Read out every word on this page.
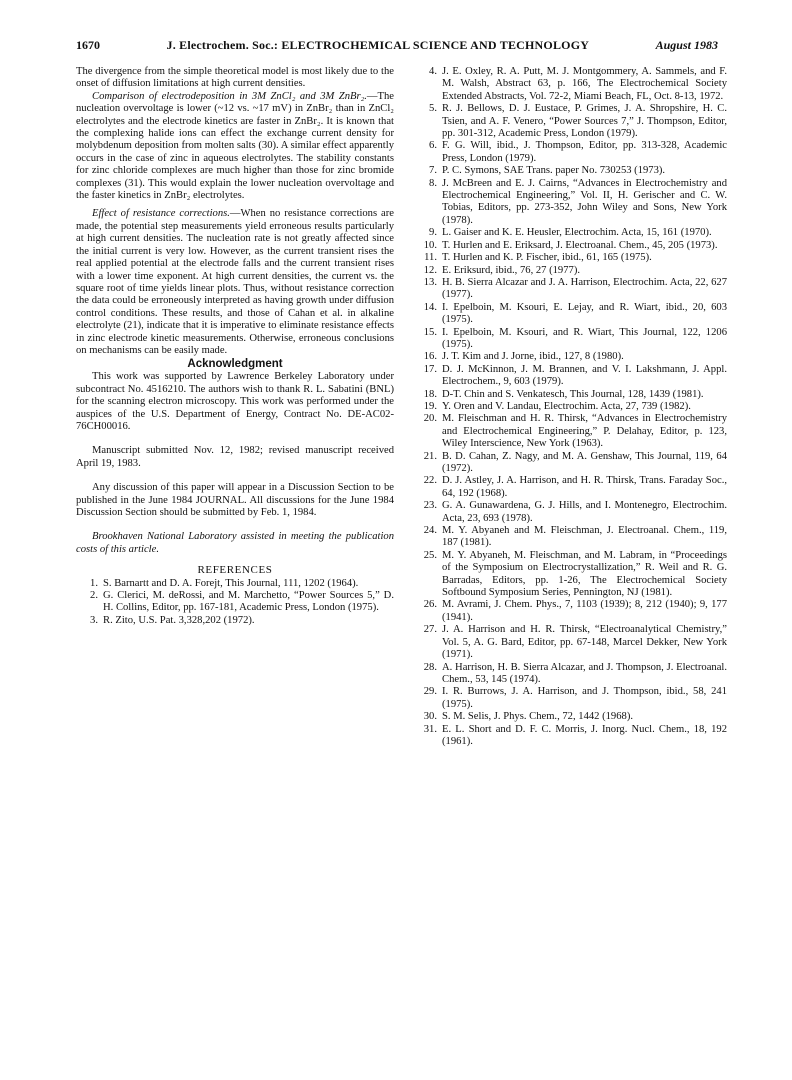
1670	J. Electrochem. Soc.: ELECTROCHEMICAL SCIENCE AND TECHNOLOGY	August 1983

The divergence from the simple theoretical model is most likely due to the onset of diffusion limitations at high current densities.

Comparison of electrodeposition in 3M ZnCl₂ and 3M ZnBr₂.—The nucleation overvoltage is lower (~12 vs. ~17 mV) in ZnBr₂ than in ZnCl₂ electrolytes and the electrode kinetics are faster in ZnBr₂. It is known that the complexing halide ions can effect the exchange current density for molybdenum deposition from molten salts (30). A similar effect apparently occurs in the case of zinc in aqueous electrolytes. The stability constants for zinc chloride complexes are much higher than those for zinc bromide complexes (31). This would explain the lower nucleation overvoltage and the faster kinetics in ZnBr₂ electrolytes.

Effect of resistance corrections.—When no resistance corrections are made, the potential step measurements yield erroneous results particularly at high current densities. The nucleation rate is not greatly affected since the initial current is very low. However, as the current transient rises the real applied potential at the electrode falls and the current transient rises with a lower time exponent. At high current densities, the current vs. the square root of time yields linear plots. Thus, without resistance correction the data could be erroneously interpreted as having growth under diffusion control conditions. These results, and those of Cahan et al. in alkaline electrolyte (21), indicate that it is imperative to eliminate resistance effects in zinc electrode kinetic measurements. Otherwise, erroneous conclusions on mechanisms can be easily made.

Acknowledgment

This work was supported by Lawrence Berkeley Laboratory under subcontract No. 4516210. The authors wish to thank R. L. Sabatini (BNL) for the scanning electron microscopy. This work was performed under the auspices of the U.S. Department of Energy, Contract No. DE-AC02-76CH00016.

Manuscript submitted Nov. 12, 1982; revised manuscript received April 19, 1983.

Any discussion of this paper will appear in a Discussion Section to be published in the June 1984 JOURNAL. All discussions for the June 1984 Discussion Section should be submitted by Feb. 1, 1984.

Brookhaven National Laboratory assisted in meeting the publication costs of this article.

REFERENCES
1. S. Barnartt and D. A. Forejt, This Journal, 111, 1202 (1964).
2. G. Clerici, M. deRossi, and M. Marchetto, “Power Sources 5,” D. H. Collins, Editor, pp. 167-181, Academic Press, London (1975).
3. R. Zito, U.S. Pat. 3,328,202 (1972).
4. J. E. Oxley, R. A. Putt, M. J. Montgommery, A. Sammels, and F. M. Walsh, Abstract 63, p. 166, The Electrochemical Society Extended Abstracts, Vol. 72-2, Miami Beach, FL, Oct. 8-13, 1972.
5. R. J. Bellows, D. J. Eustace, P. Grimes, J. A. Shropshire, H. C. Tsien, and A. F. Venero, “Power Sources 7,” J. Thompson, Editor, pp. 301-312, Academic Press, London (1979).
6. F. G. Will, ibid., J. Thompson, Editor, pp. 313-328, Academic Press, London (1979).
7. P. C. Symons, SAE Trans. paper No. 730253 (1973).
8. J. McBreen and E. J. Cairns, “Advances in Electrochemistry and Electrochemical Engineering,” Vol. II, H. Gerischer and C. W. Tobias, Editors, pp. 273-352, John Wiley and Sons, New York (1978).
9. L. Gaiser and K. E. Heusler, Electrochim. Acta, 15, 161 (1970).
10. T. Hurlen and E. Eriksard, J. Electroanal. Chem., 45, 205 (1973).
11. T. Hurlen and K. P. Fischer, ibid., 61, 165 (1975).
12. E. Eriksurd, ibid., 76, 27 (1977).
13. H. B. Sierra Alcazar and J. A. Harrison, Electrochim. Acta, 22, 627 (1977).
14. I. Epelboin, M. Ksouri, E. Lejay, and R. Wiart, ibid., 20, 603 (1975).
15. I. Epelboin, M. Ksouri, and R. Wiart, This Journal, 122, 1206 (1975).
16. J. T. Kim and J. Jorne, ibid., 127, 8 (1980).
17. D. J. McKinnon, J. M. Brannen, and V. I. Lakshmann, J. Appl. Electrochem., 9, 603 (1979).
18. D-T. Chin and S. Venkatesch, This Journal, 128, 1439 (1981).
19. Y. Oren and V. Landau, Electrochim. Acta, 27, 739 (1982).
20. M. Fleischman and H. R. Thirsk, “Advances in Electrochemistry and Electrochemical Engineering,” P. Delahay, Editor, p. 123, Wiley Interscience, New York (1963).
21. B. D. Cahan, Z. Nagy, and M. A. Genshaw, This Journal, 119, 64 (1972).
22. D. J. Astley, J. A. Harrison, and H. R. Thirsk, Trans. Faraday Soc., 64, 192 (1968).
23. G. A. Gunawardena, G. J. Hills, and I. Montenegro, Electrochim. Acta, 23, 693 (1978).
24. M. Y. Abyaneh and M. Fleischman, J. Electroanal. Chem., 119, 187 (1981).
25. M. Y. Abyaneh, M. Fleischman, and M. Labram, in “Proceedings of the Symposium on Electrocrystallization,” R. Weil and R. G. Barradas, Editors, pp. 1-26, The Electrochemical Society Softbound Symposium Series, Pennington, NJ (1981).
26. M. Avrami, J. Chem. Phys., 7, 1103 (1939); 8, 212 (1940); 9, 177 (1941).
27. J. A. Harrison and H. R. Thirsk, “Electroanalytical Chemistry,” Vol. 5, A. G. Bard, Editor, pp. 67-148, Marcel Dekker, New York (1971).
28. A. Harrison, H. B. Sierra Alcazar, and J. Thompson, J. Electroanal. Chem., 53, 145 (1974).
29. I. R. Burrows, J. A. Harrison, and J. Thompson, ibid., 58, 241 (1975).
30. S. M. Selis, J. Phys. Chem., 72, 1442 (1968).
31. E. L. Short and D. F. C. Morris, J. Inorg. Nucl. Chem., 18, 192 (1961).
